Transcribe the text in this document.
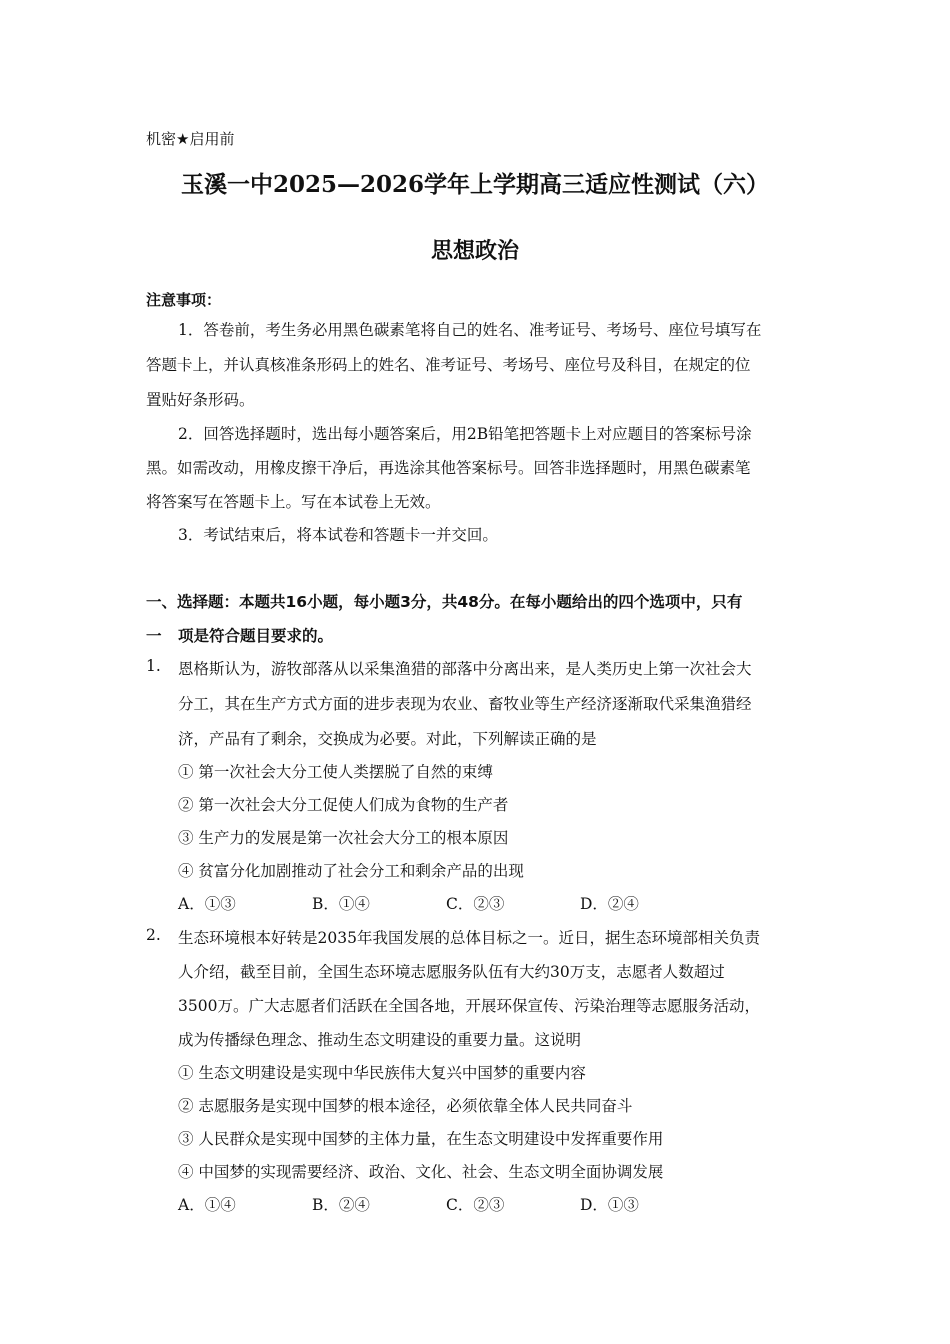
机密★启用前
玉溪一中2025—2026学年上学期高三适应性测试（六）
思想政治
注意事项：
1．答卷前，考生务必用黑色碳素笔将自己的姓名、准考证号、考场号、座位号填写在
答题卡上，并认真核准条形码上的姓名、准考证号、考场号、座位号及科目，在规定的位
置贴好条形码。
2．回答选择题时，选出每小题答案后，用2B铅笔把答题卡上对应题目的答案标号涂
黑。如需改动，用橡皮擦干净后，再选涂其他答案标号。回答非选择题时，用黑色碳素笔
将答案写在答题卡上。写在本试卷上无效。
3．考试结束后，将本试卷和答题卡一并交回。
一、选择题：本题共16小题，每小题3分，共48分。在每小题给出的四个选项中，只有
一 项是符合题目要求的。
1. 恩格斯认为，游牧部落从以采集渔猎的部落中分离出来，是人类历史上第一次社会大
分工，其在生产方式方面的进步表现为农业、畜牧业等生产经济逐渐取代采集渔猎经
济，产品有了剩余，交换成为必要。对此，下列解读正确的是
① 第一次社会大分工使人类摆脱了自然的束缚
② 第一次社会大分工促使人们成为食物的生产者
③ 生产力的发展是第一次社会大分工的根本原因
④ 贫富分化加剧推动了社会分工和剩余产品的出现
A．①③	B．①④	C．②③	D．②④
2. 生态环境根本好转是2035年我国发展的总体目标之一。近日，据生态环境部相关负责
人介绍，截至目前，全国生态环境志愿服务队伍有大约30万支，志愿者人数超过
3500万。广大志愿者们活跃在全国各地，开展环保宣传、污染治理等志愿服务活动，
成为传播绿色理念、推动生态文明建设的重要力量。这说明
① 生态文明建设是实现中华民族伟大复兴中国梦的重要内容
② 志愿服务是实现中国梦的根本途径，必须依靠全体人民共同奋斗
③ 人民群众是实现中国梦的主体力量，在生态文明建设中发挥重要作用
④ 中国梦的实现需要经济、政治、文化、社会、生态文明全面协调发展
A．①④	B．②④	C．②③	D．①③
